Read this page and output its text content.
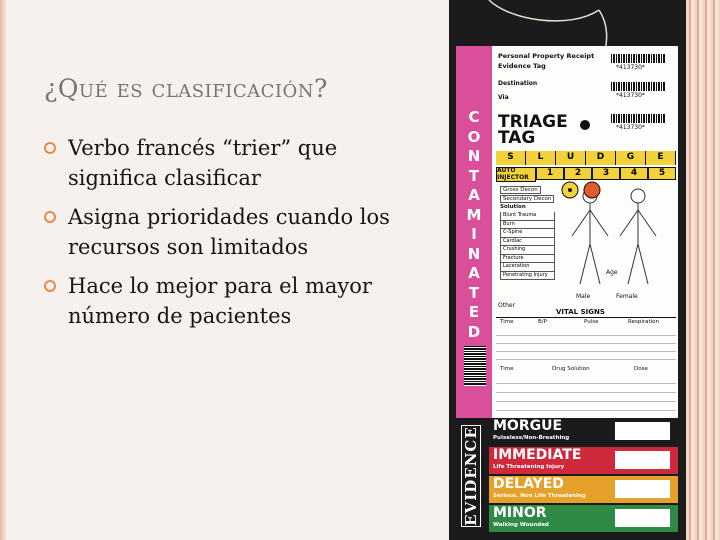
¿Qué es clasificación?
Verbo francés “trier” que significa clasificar
Asigna prioridades cuando los recursos son limitados
Hace lo mejor para el mayor número de pacientes
C
O
N
T
A
M
I
N
A
T
E
D
Personal Property Receipt
Evidence Tag
Destination
Via
*413730*
*413730*
TRIAGE
TAG
*413730*
S	L	U	D	G	E
AUTO INJECTOR	1	2	3	4	5
Gross Decon
Secondary Decon
Solution
Blunt Trauma
Burn
C-Spine
Cardiac
Crushing
Fracture
Laceration
Penetrating Injury	Age
Male	Female
Other
VITAL SIGNS
Time	B/P	Pulse	Respiration
Time	Drug Solution	Dose
EVIDENCE
MORGUE
Pulseless/Non-Breathing
IMMEDIATE
Life Threatening Injury
DELAYED
Serious, Non Life Threatening
MINOR
Walking Wounded
